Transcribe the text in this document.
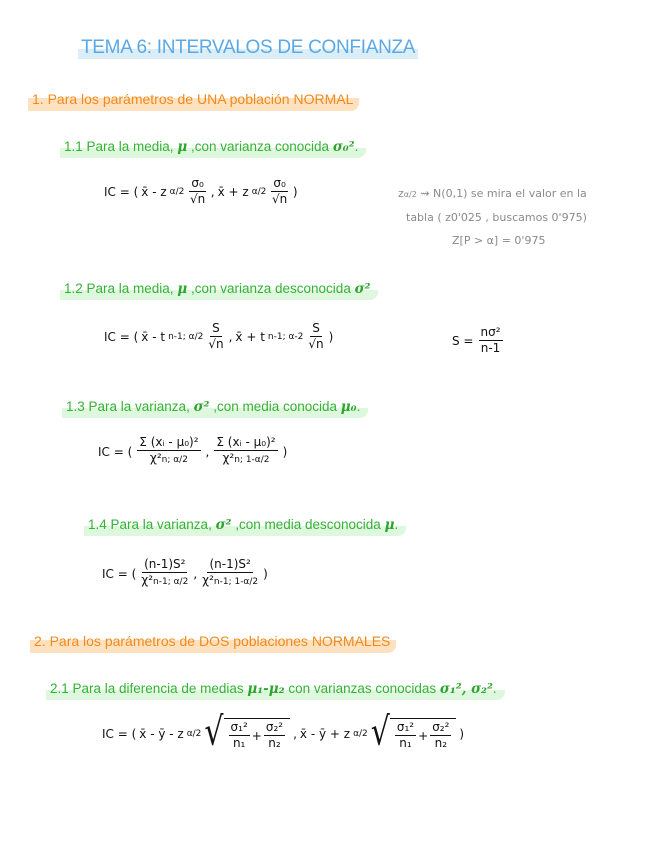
TEMA 6: INTERVALOS DE CONFIANZA
1. Para los parámetros de UNA población NORMAL
1.1 Para la media, μ ,con varianza conocida σ₀².
IC = ( x̄ - z $\alpha/2 \frac{\text{σ₀}}{√n}$ , x̄ + z $\alpha/2 \frac{\text{σ₀}}{√n}$ )	zα/2 ⇝ N(0,1) se mira el valor en la
tabla ( z0'025 , buscamos 0'975)
Z[P > α] = 0'975
1.2 Para la media, μ ,con varianza desconocida σ²
IC = ( x̄ - t n-1; $\alpha/2 \frac{S}{√n}$ , x̄ + t n-1; $\alpha-2 \frac{S}{√n}$ )	$S = \frac{\text{nσ²}}{n-1}$
1.3 Para la varianza, σ² ,con media conocida μ₀.
IC = ( $\frac{\text{Σ (xᵢ - μ₀)²}}{\text{χ²n; α/2}}$ , $\frac{\text{Σ (xᵢ - μ₀)²}}{\text{χ²n; 1-α/2}}$ )
1.4 Para la varianza, σ² ,con media desconocida μ.
IC = ( $\frac{\text{(n-1)S²}}{\text{χ²n-1; α/2}}$ , $\frac{\text{(n-1)S²}}{\text{χ²n-1; 1-α/2}}$ )
2. Para los parámetros de DOS poblaciones NORMALES
2.1 Para la diferencia de medias μ₁-μ₂ con varianzas conocidas σ₁², σ₂².
IC = ( x̄ - ȳ - z α/2 √ $\frac{\text{σ₁²}}{\text{n₁}} + \frac{\text{σ₂²}}{\text{n₂}}$ , x̄ - ȳ + z α/2 √ $\frac{\text{σ₁²}}{\text{n₁}} + \frac{\text{σ₂²}}{\text{n₂}}$ )
